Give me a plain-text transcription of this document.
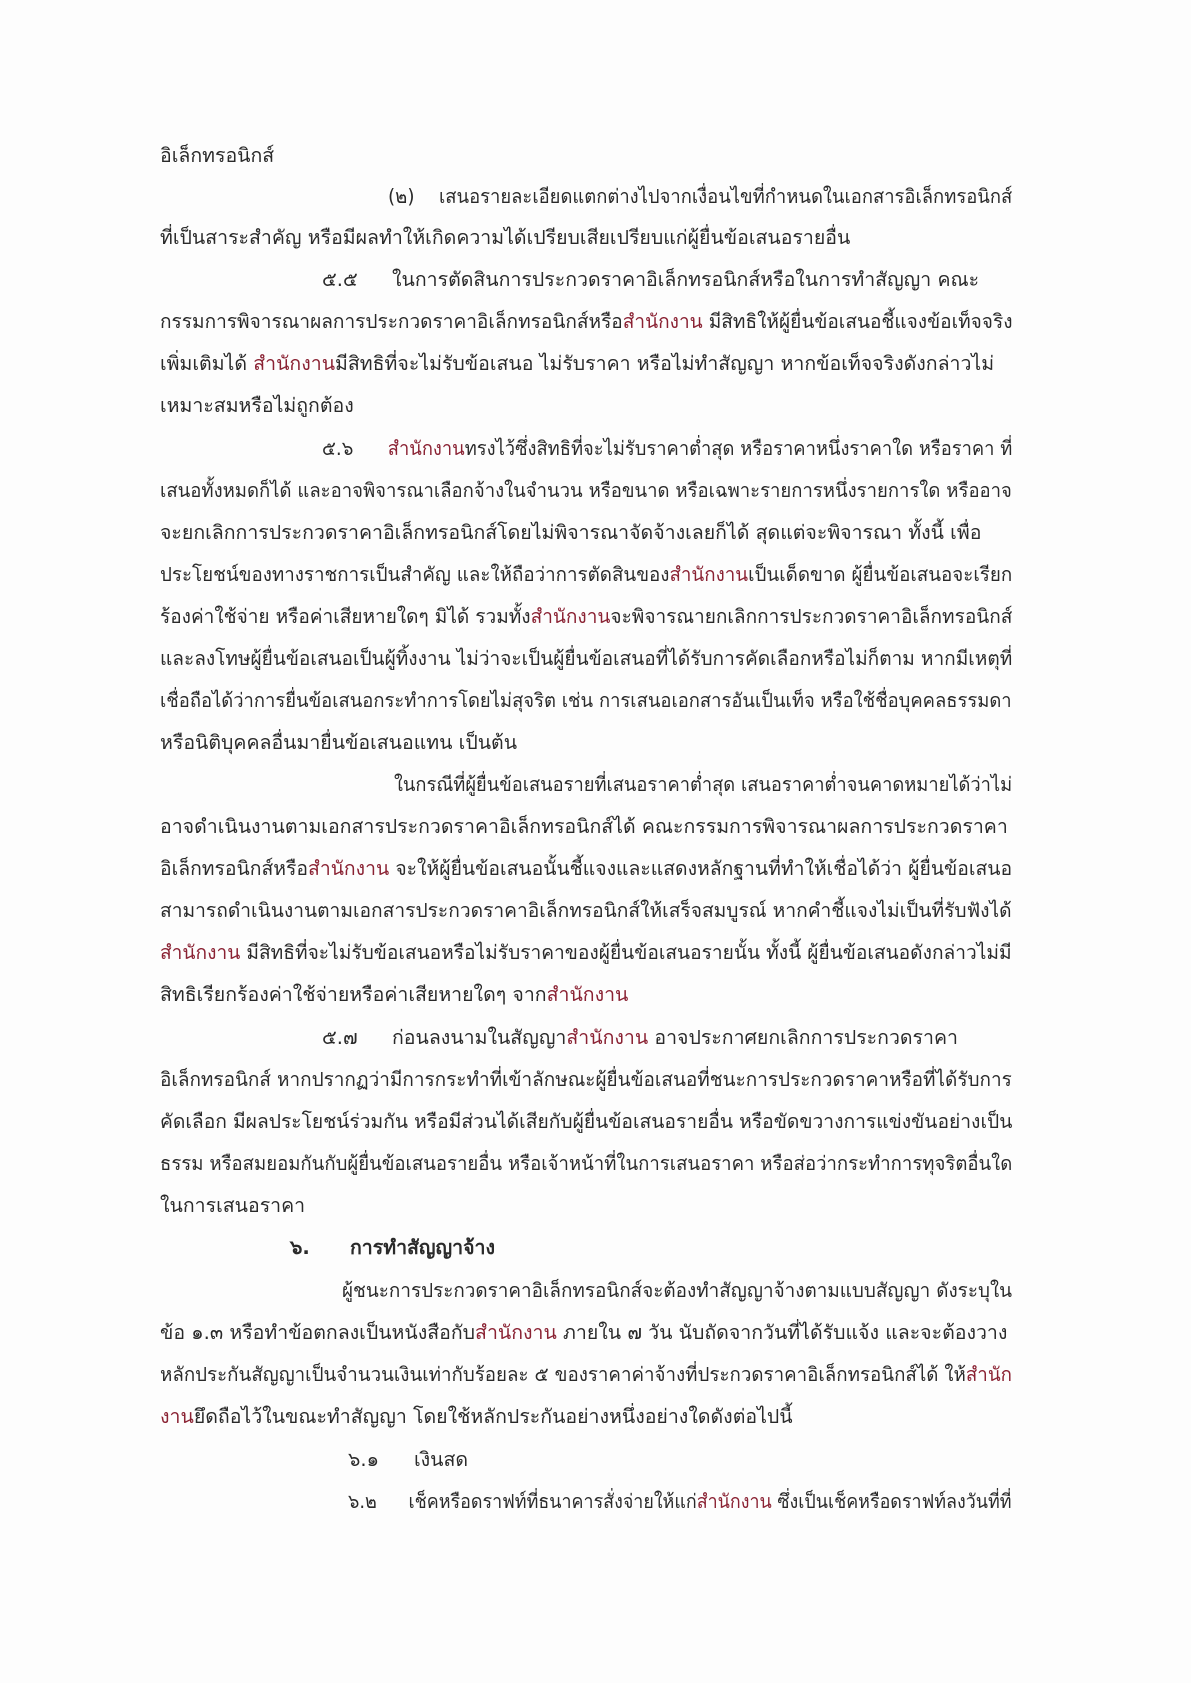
อิเล็กทรอนิกส์
(๒) เสนอรายละเอียดแตกต่างไปจากเงื่อนไขที่กำหนดในเอกสารอิเล็กทรอนิกส์
ที่เป็นสาระสำคัญ หรือมีผลทำให้เกิดความได้เปรียบเสียเปรียบแก่ผู้ยื่นข้อเสนอรายอื่น
๕.๕ ในการตัดสินการประกวดราคาอิเล็กทรอนิกส์หรือในการทำสัญญา คณะ
กรรมการพิจารณาผลการประกวดราคาอิเล็กทรอนิกส์หรือสำนักงาน มีสิทธิให้ผู้ยื่นข้อเสนอชี้แจงข้อเท็จจริง
เพิ่มเติมได้ สำนักงานมีสิทธิที่จะไม่รับข้อเสนอ ไม่รับราคา หรือไม่ทำสัญญา หากข้อเท็จจริงดังกล่าวไม่
เหมาะสมหรือไม่ถูกต้อง
๕.๖ สำนักงานทรงไว้ซึ่งสิทธิที่จะไม่รับราคาต่ำสุด หรือราคาหนึ่งราคาใด หรือราคา ที่
เสนอทั้งหมดก็ได้ และอาจพิจารณาเลือกจ้างในจำนวน หรือขนาด หรือเฉพาะรายการหนึ่งรายการใด หรืออาจ
จะยกเลิกการประกวดราคาอิเล็กทรอนิกส์โดยไม่พิจารณาจัดจ้างเลยก็ได้ สุดแต่จะพิจารณา ทั้งนี้ เพื่อ
ประโยชน์ของทางราชการเป็นสำคัญ และให้ถือว่าการตัดสินของสำนักงานเป็นเด็ดขาด ผู้ยื่นข้อเสนอจะเรียก
ร้องค่าใช้จ่าย หรือค่าเสียหายใดๆ มิได้ รวมทั้งสำนักงานจะพิจารณายกเลิกการประกวดราคาอิเล็กทรอนิกส์
และลงโทษผู้ยื่นข้อเสนอเป็นผู้ทิ้งงาน ไม่ว่าจะเป็นผู้ยื่นข้อเสนอที่ได้รับการคัดเลือกหรือไม่ก็ตาม หากมีเหตุที่
เชื่อถือได้ว่าการยื่นข้อเสนอกระทำการโดยไม่สุจริต เช่น การเสนอเอกสารอันเป็นเท็จ หรือใช้ชื่อบุคคลธรรมดา
หรือนิติบุคคลอื่นมายื่นข้อเสนอแทน เป็นต้น
ในกรณีที่ผู้ยื่นข้อเสนอรายที่เสนอราคาต่ำสุด เสนอราคาต่ำจนคาดหมายได้ว่าไม่
อาจดำเนินงานตามเอกสารประกวดราคาอิเล็กทรอนิกส์ได้ คณะกรรมการพิจารณาผลการประกวดราคา
อิเล็กทรอนิกส์หรือสำนักงาน จะให้ผู้ยื่นข้อเสนอนั้นชี้แจงและแสดงหลักฐานที่ทำให้เชื่อได้ว่า ผู้ยื่นข้อเสนอ
สามารถดำเนินงานตามเอกสารประกวดราคาอิเล็กทรอนิกส์ให้เสร็จสมบูรณ์ หากคำชี้แจงไม่เป็นที่รับฟังได้
สำนักงาน มีสิทธิที่จะไม่รับข้อเสนอหรือไม่รับราคาของผู้ยื่นข้อเสนอรายนั้น ทั้งนี้ ผู้ยื่นข้อเสนอดังกล่าวไม่มี
สิทธิเรียกร้องค่าใช้จ่ายหรือค่าเสียหายใดๆ จากสำนักงาน
๕.๗ ก่อนลงนามในสัญญาสำนักงาน อาจประกาศยกเลิกการประกวดราคา
อิเล็กทรอนิกส์ หากปรากฏว่ามีการกระทำที่เข้าลักษณะผู้ยื่นข้อเสนอที่ชนะการประกวดราคาหรือที่ได้รับการ
คัดเลือก มีผลประโยชน์ร่วมกัน หรือมีส่วนได้เสียกับผู้ยื่นข้อเสนอรายอื่น หรือขัดขวางการแข่งขันอย่างเป็น
ธรรม หรือสมยอมกันกับผู้ยื่นข้อเสนอรายอื่น หรือเจ้าหน้าที่ในการเสนอราคา หรือส่อว่ากระทำการทุจริตอื่นใด
ในการเสนอราคา
๖. การทำสัญญาจ้าง
ผู้ชนะการประกวดราคาอิเล็กทรอนิกส์จะต้องทำสัญญาจ้างตามแบบสัญญา ดังระบุใน
ข้อ ๑.๓ หรือทำข้อตกลงเป็นหนังสือกับสำนักงาน ภายใน ๗ วัน นับถัดจากวันที่ได้รับแจ้ง และจะต้องวาง
หลักประกันสัญญาเป็นจำนวนเงินเท่ากับร้อยละ ๕ ของราคาค่าจ้างที่ประกวดราคาอิเล็กทรอนิกส์ได้ ให้สำนัก
งานยึดถือไว้ในขณะทำสัญญา โดยใช้หลักประกันอย่างหนึ่งอย่างใดดังต่อไปนี้
๖.๑ เงินสด
๖.๒ เช็คหรือดราฟท์ที่ธนาคารสั่งจ่ายให้แก่สำนักงาน ซึ่งเป็นเช็คหรือดราฟท์ลงวันที่ที่
